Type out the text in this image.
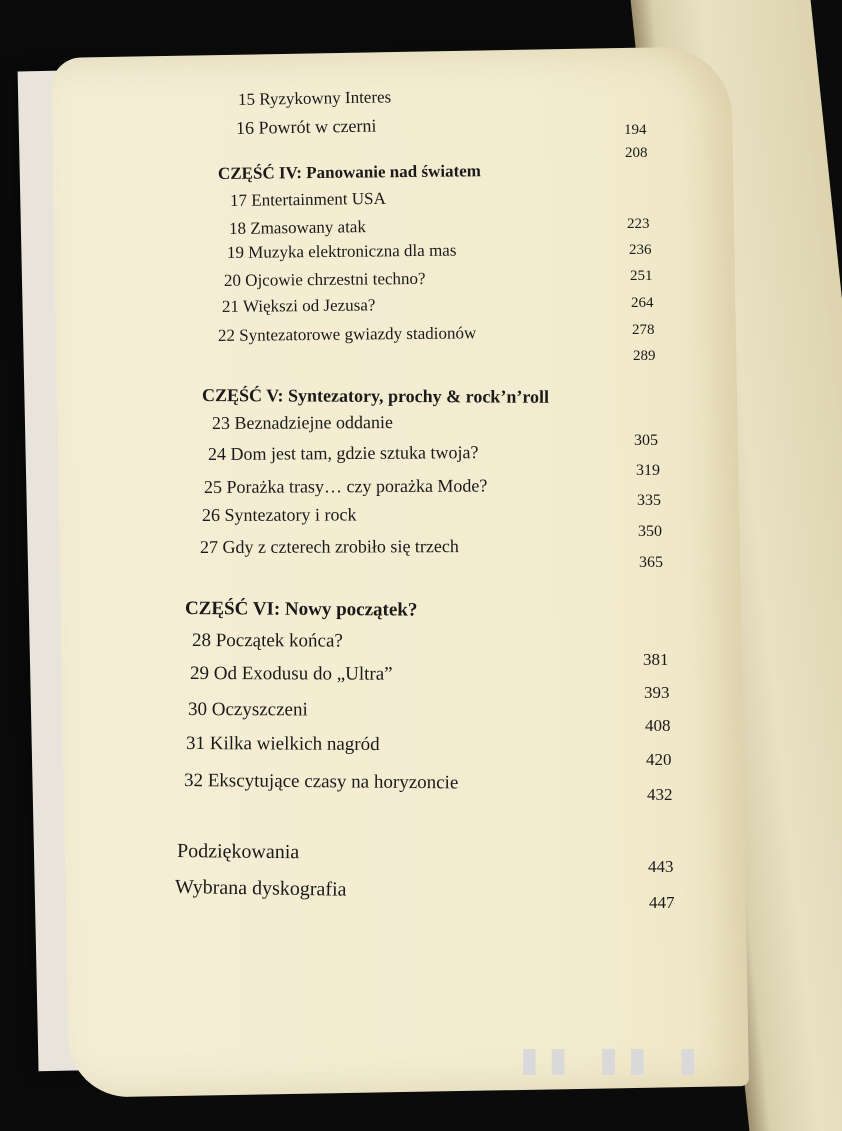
15 Ryzykowny Interes
16 Powrót w czerni
CZĘŚĆ IV: Panowanie nad światem
17 Entertainment USA
18 Zmasowany atak
19 Muzyka elektroniczna dla mas
20 Ojcowie chrzestni techno?
21 Większi od Jezusa?
22 Syntezatorowe gwiazdy stadionów
CZĘŚĆ V: Syntezatory, prochy & rock’n’roll
23 Beznadziejne oddanie
24 Dom jest tam, gdzie sztuka twoja?
25 Porażka trasy… czy porażka Mode?
26 Syntezatory i rock
27 Gdy z czterech zrobiło się trzech
CZĘŚĆ VI: Nowy początek?
28 Początek końca?
29 Od Exodusu do „Ultra”
30 Oczyszczeni
31 Kilka wielkich nagród
32 Ekscytujące czasy na horyzoncie
Podziękowania
Wybrana dyskografia
194
208
223
236
251
264
278
289
305
319
335
350
365
381
393
408
420
432
443
447
▮▮ ▮▮ ▮
